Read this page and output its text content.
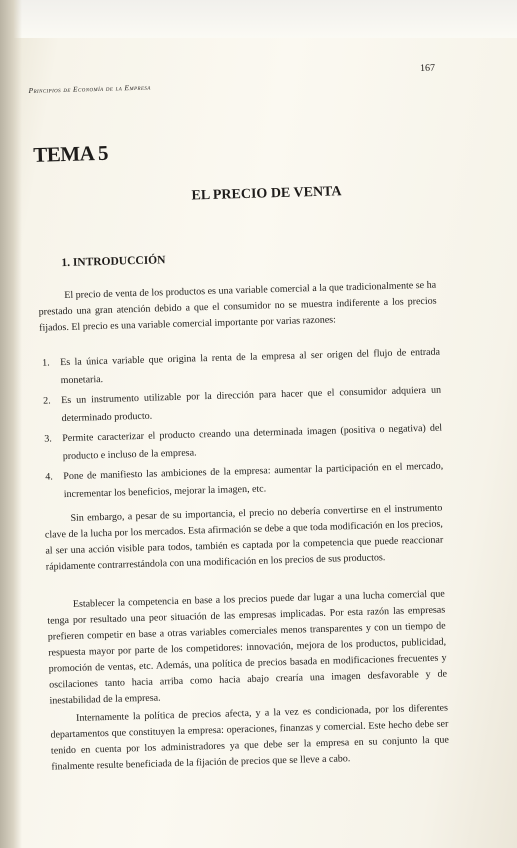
Principios de Economía de la Empresa
167
TEMA 5
EL PRECIO DE VENTA
1. INTRODUCCIÓN

El precio de venta de los productos es una variable comercial a la que tradicionalmente se ha prestado una gran atención debido a que el consumidor no se muestra indiferente a los precios fijados. El precio es una variable comercial importante por varias razones:

1.	Es la única variable que origina la renta de la empresa al ser origen del flujo de entrada monetaria.
2.	Es un instrumento utilizable por la dirección para hacer que el consumidor adquiera un determinado producto.
3.	Permite caracterizar el producto creando una determinada imagen (positiva o negativa) del producto e incluso de la empresa.
4.	Pone de manifiesto las ambiciones de la empresa: aumentar la participación en el mercado, incrementar los beneficios, mejorar la imagen, etc.

Sin embargo, a pesar de su importancia, el precio no debería convertirse en el instrumento clave de la lucha por los mercados. Esta afirmación se debe a que toda modificación en los precios, al ser una acción visible para todos, también es captada por la competencia que puede reaccionar rápidamente contrarrestándola con una modificación en los precios de sus productos.

Establecer la competencia en base a los precios puede dar lugar a una lucha comercial que tenga por resultado una peor situación de las empresas implicadas. Por esta razón las empresas prefieren competir en base a otras variables comerciales menos transparentes y con un tiempo de respuesta mayor por parte de los competidores: innovación, mejora de los productos, publicidad, promoción de ventas, etc. Además, una política de precios basada en modificaciones frecuentes y oscilaciones tanto hacia arriba como hacia abajo crearía una imagen desfavorable y de inestabilidad de la empresa.

Internamente la política de precios afecta, y a la vez es condicionada, por los diferentes departamentos que constituyen la empresa: operaciones, finanzas y comercial. Este hecho debe ser tenido en cuenta por los administradores ya que debe ser la empresa en su conjunto la que finalmente resulte beneficiada de la fijación de precios que se lleve a cabo.
